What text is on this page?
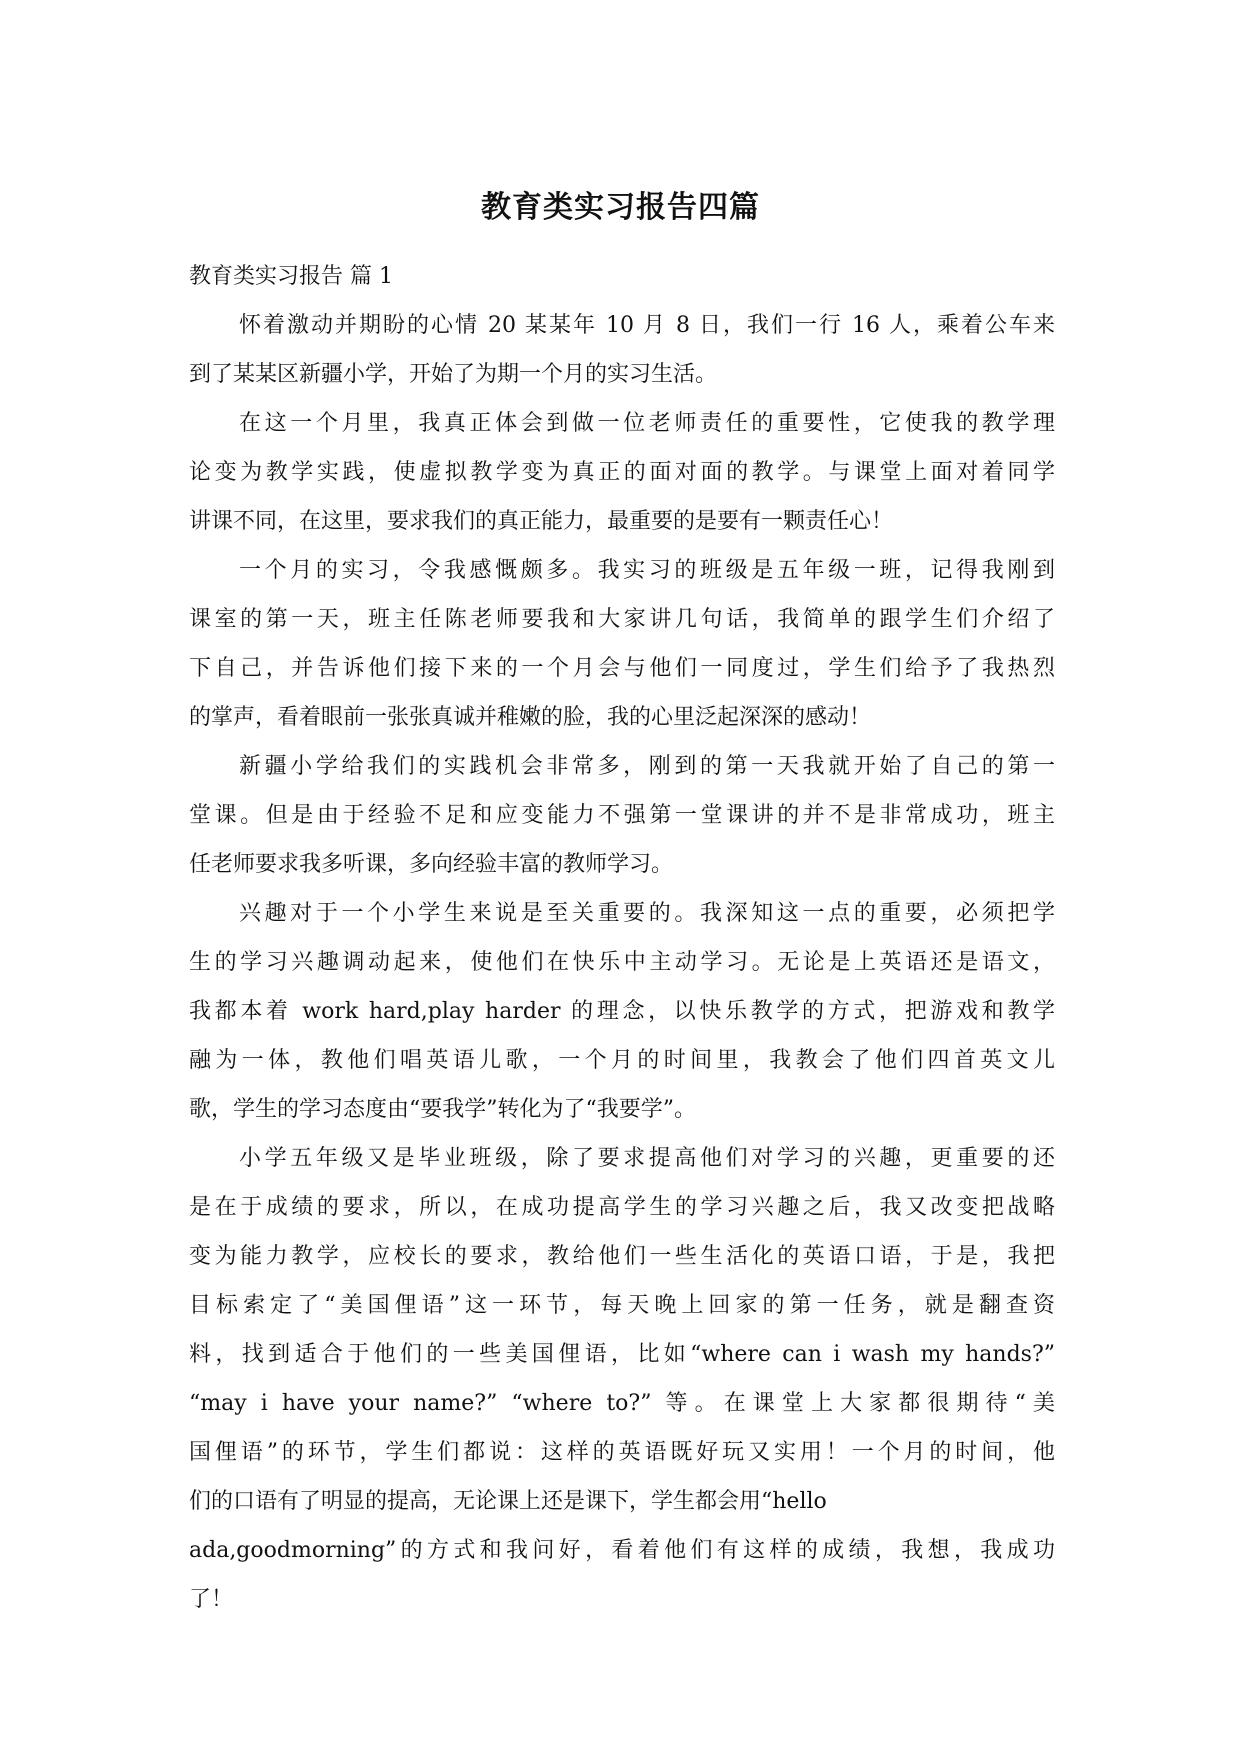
教育类实习报告四篇
教育类实习报告 篇 1
怀着激动并期盼的心情 20 某某年 10 月 8 日，我们一行 16 人，乘着公车来
到了某某区新疆小学，开始了为期一个月的实习生活。
在这一个月里，我真正体会到做一位老师责任的重要性，它使我的教学理
论变为教学实践，使虚拟教学变为真正的面对面的教学。与课堂上面对着同学
讲课不同，在这里，要求我们的真正能力，最重要的是要有一颗责任心！
一个月的实习，令我感慨颇多。我实习的班级是五年级一班，记得我刚到
课室的第一天，班主任陈老师要我和大家讲几句话，我简单的跟学生们介绍了
下自己，并告诉他们接下来的一个月会与他们一同度过，学生们给予了我热烈
的掌声，看着眼前一张张真诚并稚嫩的脸，我的心里泛起深深的感动！
新疆小学给我们的实践机会非常多，刚到的第一天我就开始了自己的第一
堂课。但是由于经验不足和应变能力不强第一堂课讲的并不是非常成功，班主
任老师要求我多听课，多向经验丰富的教师学习。
兴趣对于一个小学生来说是至关重要的。我深知这一点的重要，必须把学
生的学习兴趣调动起来，使他们在快乐中主动学习。无论是上英语还是语文，
我都本着 work hard,play harder 的理念，以快乐教学的方式，把游戏和教学
融为一体，教他们唱英语儿歌，一个月的时间里，我教会了他们四首英文儿
歌，学生的学习态度由“要我学”转化为了“我要学”。
小学五年级又是毕业班级，除了要求提高他们对学习的兴趣，更重要的还
是在于成绩的要求，所以，在成功提高学生的学习兴趣之后，我又改变把战略
变为能力教学，应校长的要求，教给他们一些生活化的英语口语，于是，我把
目标索定了“美国俚语”这一环节，每天晚上回家的第一任务，就是翻查资
料，找到适合于他们的一些美国俚语，比如“where can i wash my hands?”
“may i have your name?” “where to?” 等。在课堂上大家都很期待“美
国俚语”的环节，学生们都说：这样的英语既好玩又实用！一个月的时间，他
们的口语有了明显的提高，无论课上还是课下，学生都会用“hello
ada,goodmorning”的方式和我问好，看着他们有这样的成绩，我想，我成功
了！
